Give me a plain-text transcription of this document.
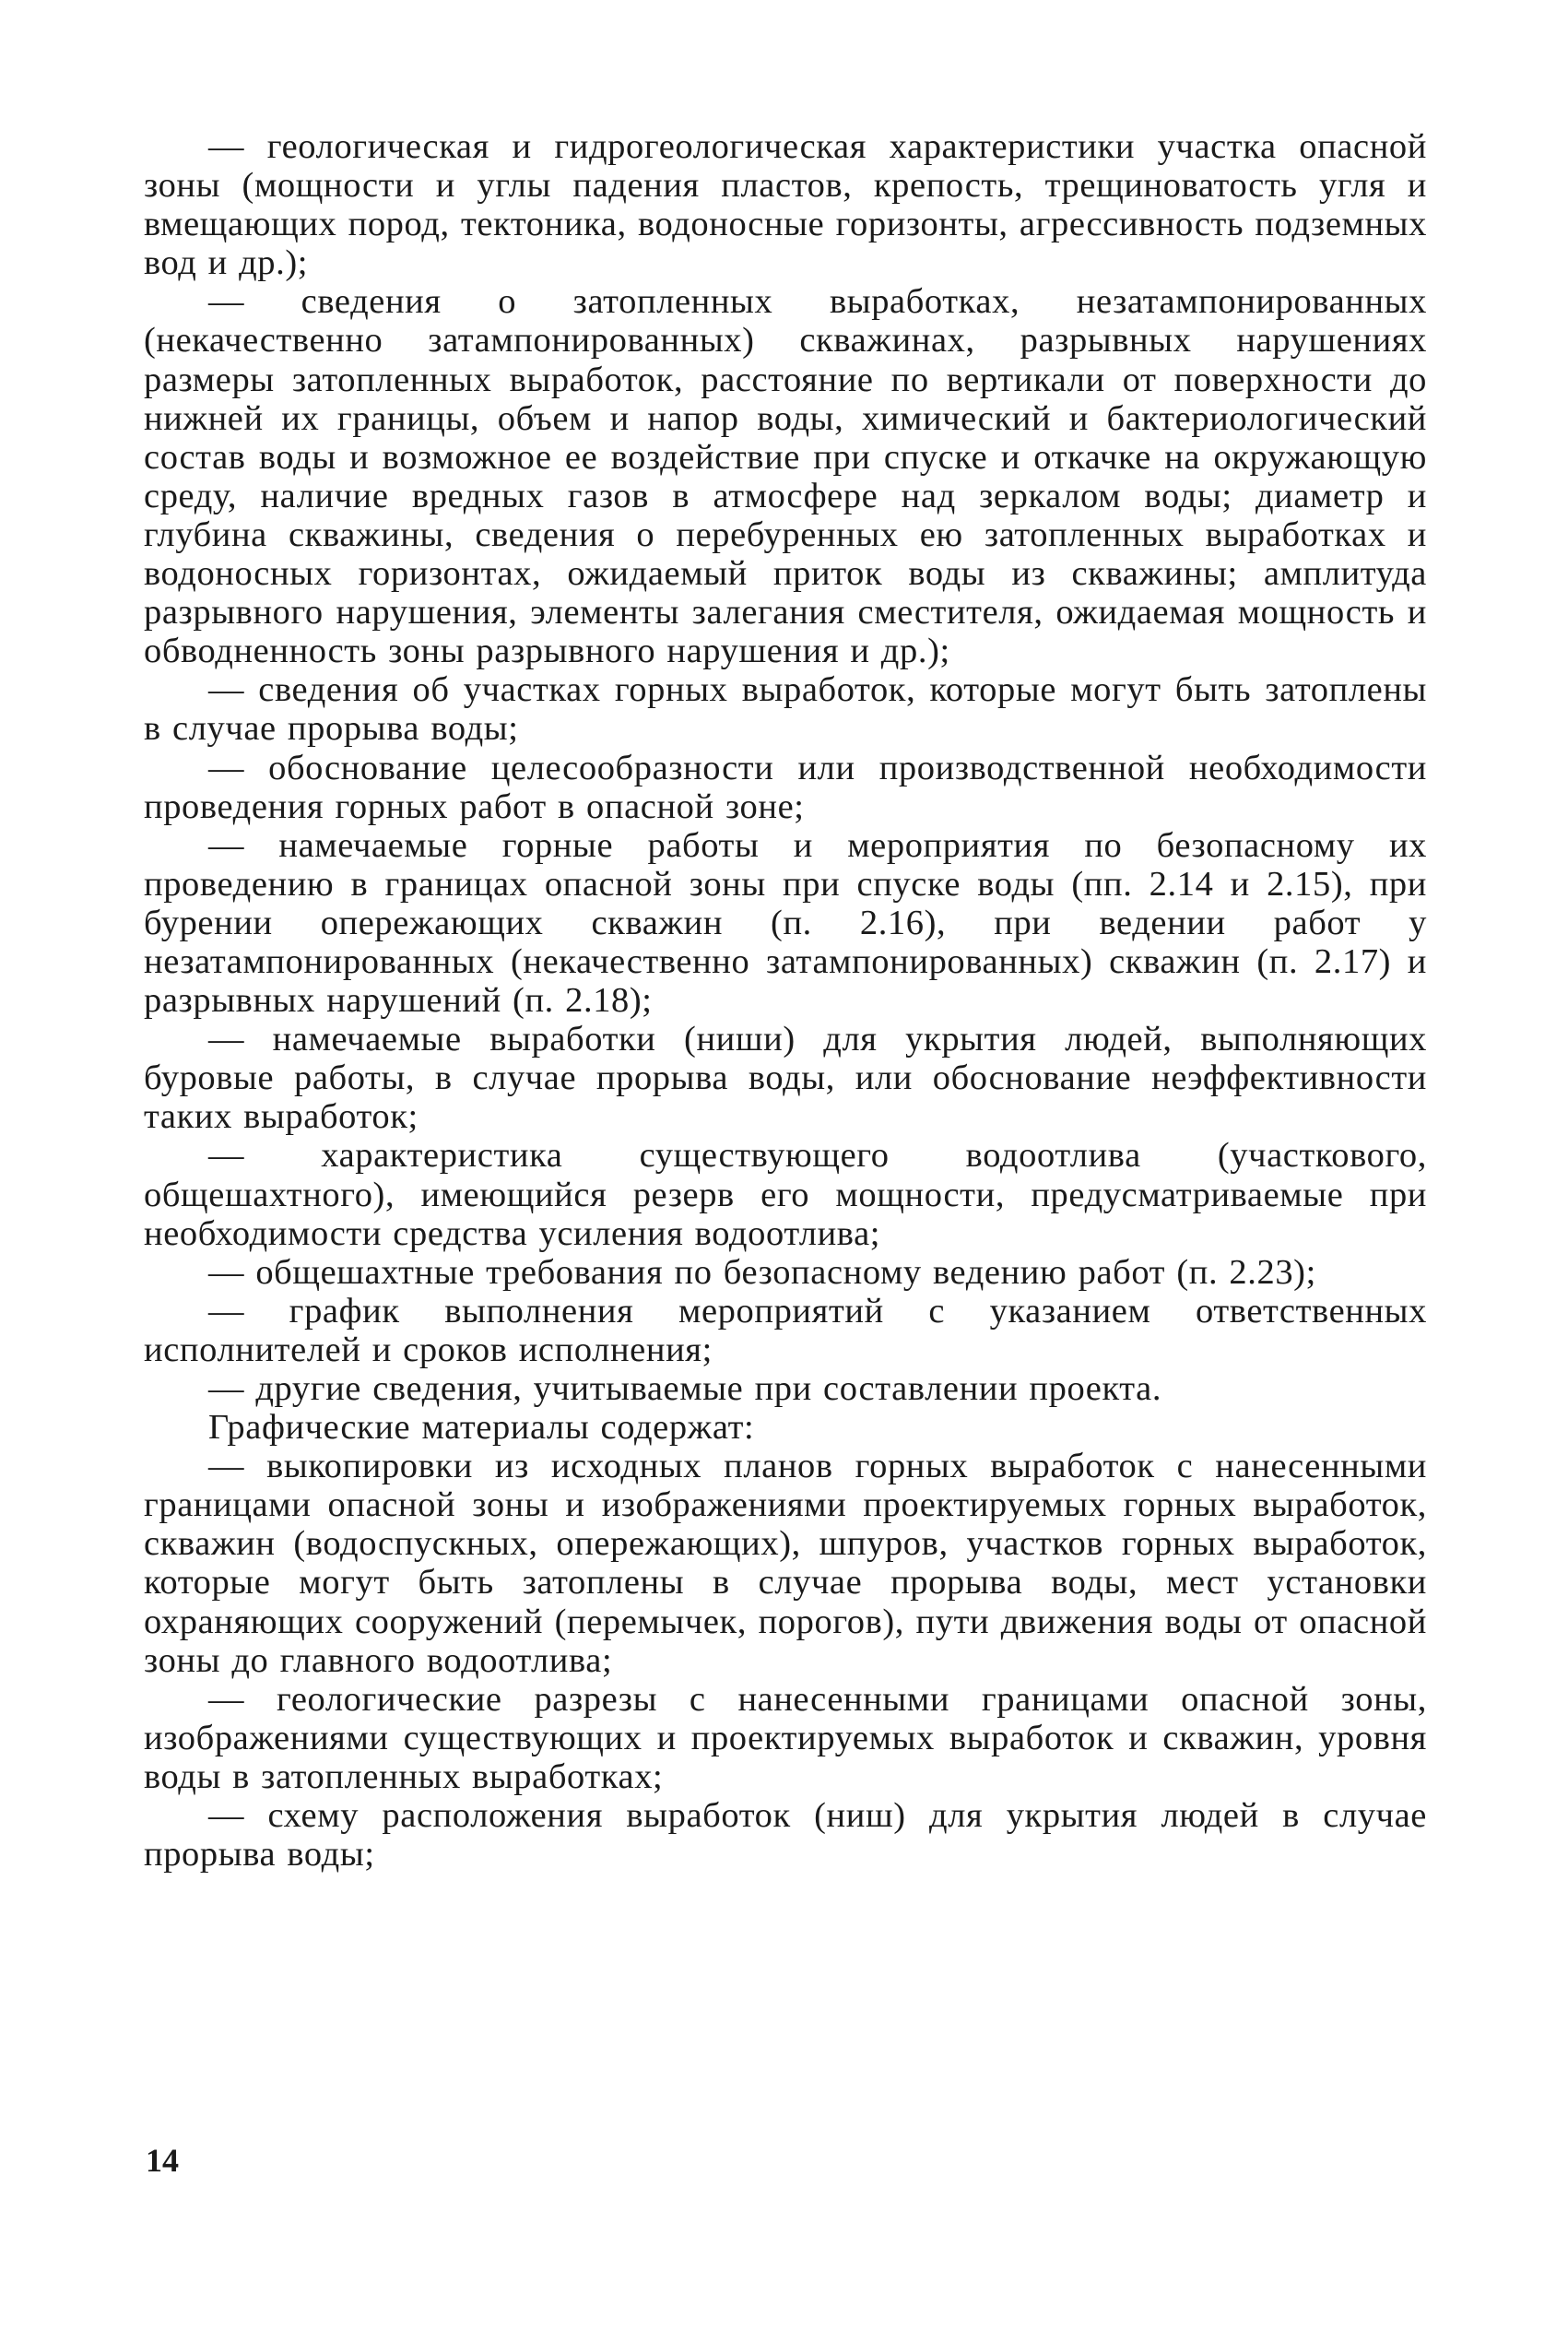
— геологическая и гидрогеологическая характеристики участка опасной зоны (мощности и углы падения пластов, крепость, трещиноватость угля и вмещающих пород, тектоника, водоносные горизонты, агрессивность подземных вод и др.);

— сведения о затопленных выработках, незатампонированных (некачественно затампонированных) скважинах, разрывных нарушениях размеры затопленных выработок, расстояние по вертикали от поверхности до нижней их границы, объем и напор воды, химический и бактериологический состав воды и возможное ее воздействие при спуске и откачке на окружающую среду, наличие вредных газов в атмосфере над зеркалом воды; диаметр и глубина скважины, сведения о перебуренных ею затопленных выработках и водоносных горизонтах, ожидаемый приток воды из скважины; амплитуда разрывного нарушения, элементы залегания сместителя, ожидаемая мощность и обводненность зоны разрывного нарушения и др.);

— сведения об участках горных выработок, которые могут быть затоплены в случае прорыва воды;

— обоснование целесообразности или производственной необходимости проведения горных работ в опасной зоне;

— намечаемые горные работы и мероприятия по безопасному их проведению в границах опасной зоны при спуске воды (пп. 2.14 и 2.15), при бурении опережающих скважин (п. 2.16), при ведении работ у незатампонированных (некачественно затампонированных) скважин (п. 2.17) и разрывных нарушений (п. 2.18);

— намечаемые выработки (ниши) для укрытия людей, выполняющих буровые работы, в случае прорыва воды, или обоснование неэффективности таких выработок;

— характеристика существующего водоотлива (участкового, общешахтного), имеющийся резерв его мощности, предусматриваемые при необходимости средства усиления водоотлива;

— общешахтные требования по безопасному ведению работ (п. 2.23);

— график выполнения мероприятий с указанием ответственных исполнителей и сроков исполнения;

— другие сведения, учитываемые при составлении проекта.

Графические материалы содержат:

— выкопировки из исходных планов горных выработок с нанесенными границами опасной зоны и изображениями проектируемых горных выработок, скважин (водоспускных, опережающих), шпуров, участков горных выработок, которые могут быть затоплены в случае прорыва воды, мест установки охраняющих сооружений (перемычек, порогов), пути движения воды от опасной зоны до главного водоотлива;

— геологические разрезы с нанесенными границами опасной зоны, изображениями существующих и проектируемых выработок и скважин, уровня воды в затопленных выработках;

— схему расположения выработок (ниш) для укрытия людей в случае прорыва воды;

14
